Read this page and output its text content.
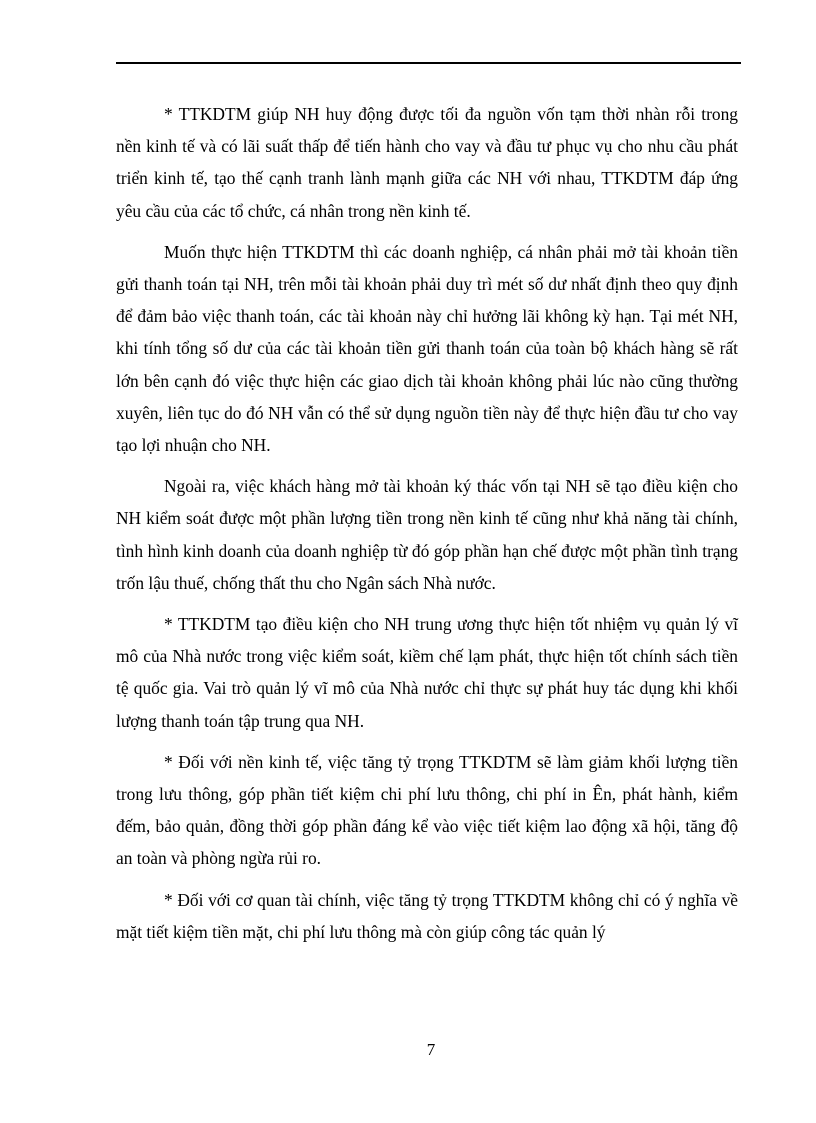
* TTKDTM giúp NH huy động được tối đa nguồn vốn tạm thời nhàn rỗi trong nền kinh tế và có lãi suất thấp để tiến hành cho vay và đầu tư phục vụ cho nhu cầu phát triển kinh tế, tạo thế cạnh tranh lành mạnh giữa các NH với nhau, TTKDTM đáp ứng yêu cầu của các tổ chức, cá nhân trong nền kinh tế.

Muốn thực hiện TTKDTM thì các doanh nghiệp, cá nhân phải mở tài khoản tiền gửi thanh toán tại NH, trên mỗi tài khoản phải duy trì mét số dư nhất định theo quy định để đảm bảo việc thanh toán, các tài khoản này chỉ hưởng lãi không kỳ hạn. Tại mét NH, khi tính tổng số dư của các tài khoản tiền gửi thanh toán của toàn bộ khách hàng sẽ rất lớn bên cạnh đó việc thực hiện các giao dịch tài khoản không phải lúc nào cũng thường xuyên, liên tục do đó NH vẫn có thể sử dụng nguồn tiền này để thực hiện đầu tư cho vay tạo lợi nhuận cho NH.

Ngoài ra, việc khách hàng mở tài khoản ký thác vốn tại NH sẽ tạo điều kiện cho NH kiểm soát được một phần lượng tiền trong nền kinh tế cũng như khả năng tài chính, tình hình kinh doanh của doanh nghiệp từ đó góp phần hạn chế được một phần tình trạng trốn lậu thuế, chống thất thu cho Ngân sách Nhà nước.

* TTKDTM tạo điều kiện cho NH trung ương thực hiện tốt nhiệm vụ quản lý vĩ mô của Nhà nước trong việc kiểm soát, kiềm chế lạm phát, thực hiện tốt chính sách tiền tệ quốc gia. Vai trò quản lý vĩ mô của Nhà nước chỉ thực sự phát huy tác dụng khi khối lượng thanh toán tập trung qua NH.

* Đối với nền kinh tế, việc tăng tỷ trọng TTKDTM sẽ làm giảm khối lượng tiền trong lưu thông, góp phần tiết kiệm chi phí lưu thông, chi phí in Ên, phát hành, kiểm đếm, bảo quản, đồng thời góp phần đáng kể vào việc tiết kiệm lao động xã hội, tăng độ an toàn và phòng ngừa rủi ro.

* Đối với cơ quan tài chính, việc tăng tỷ trọng TTKDTM không chỉ có ý nghĩa về mặt tiết kiệm tiền mặt, chi phí lưu thông mà còn giúp công tác quản lý

7
